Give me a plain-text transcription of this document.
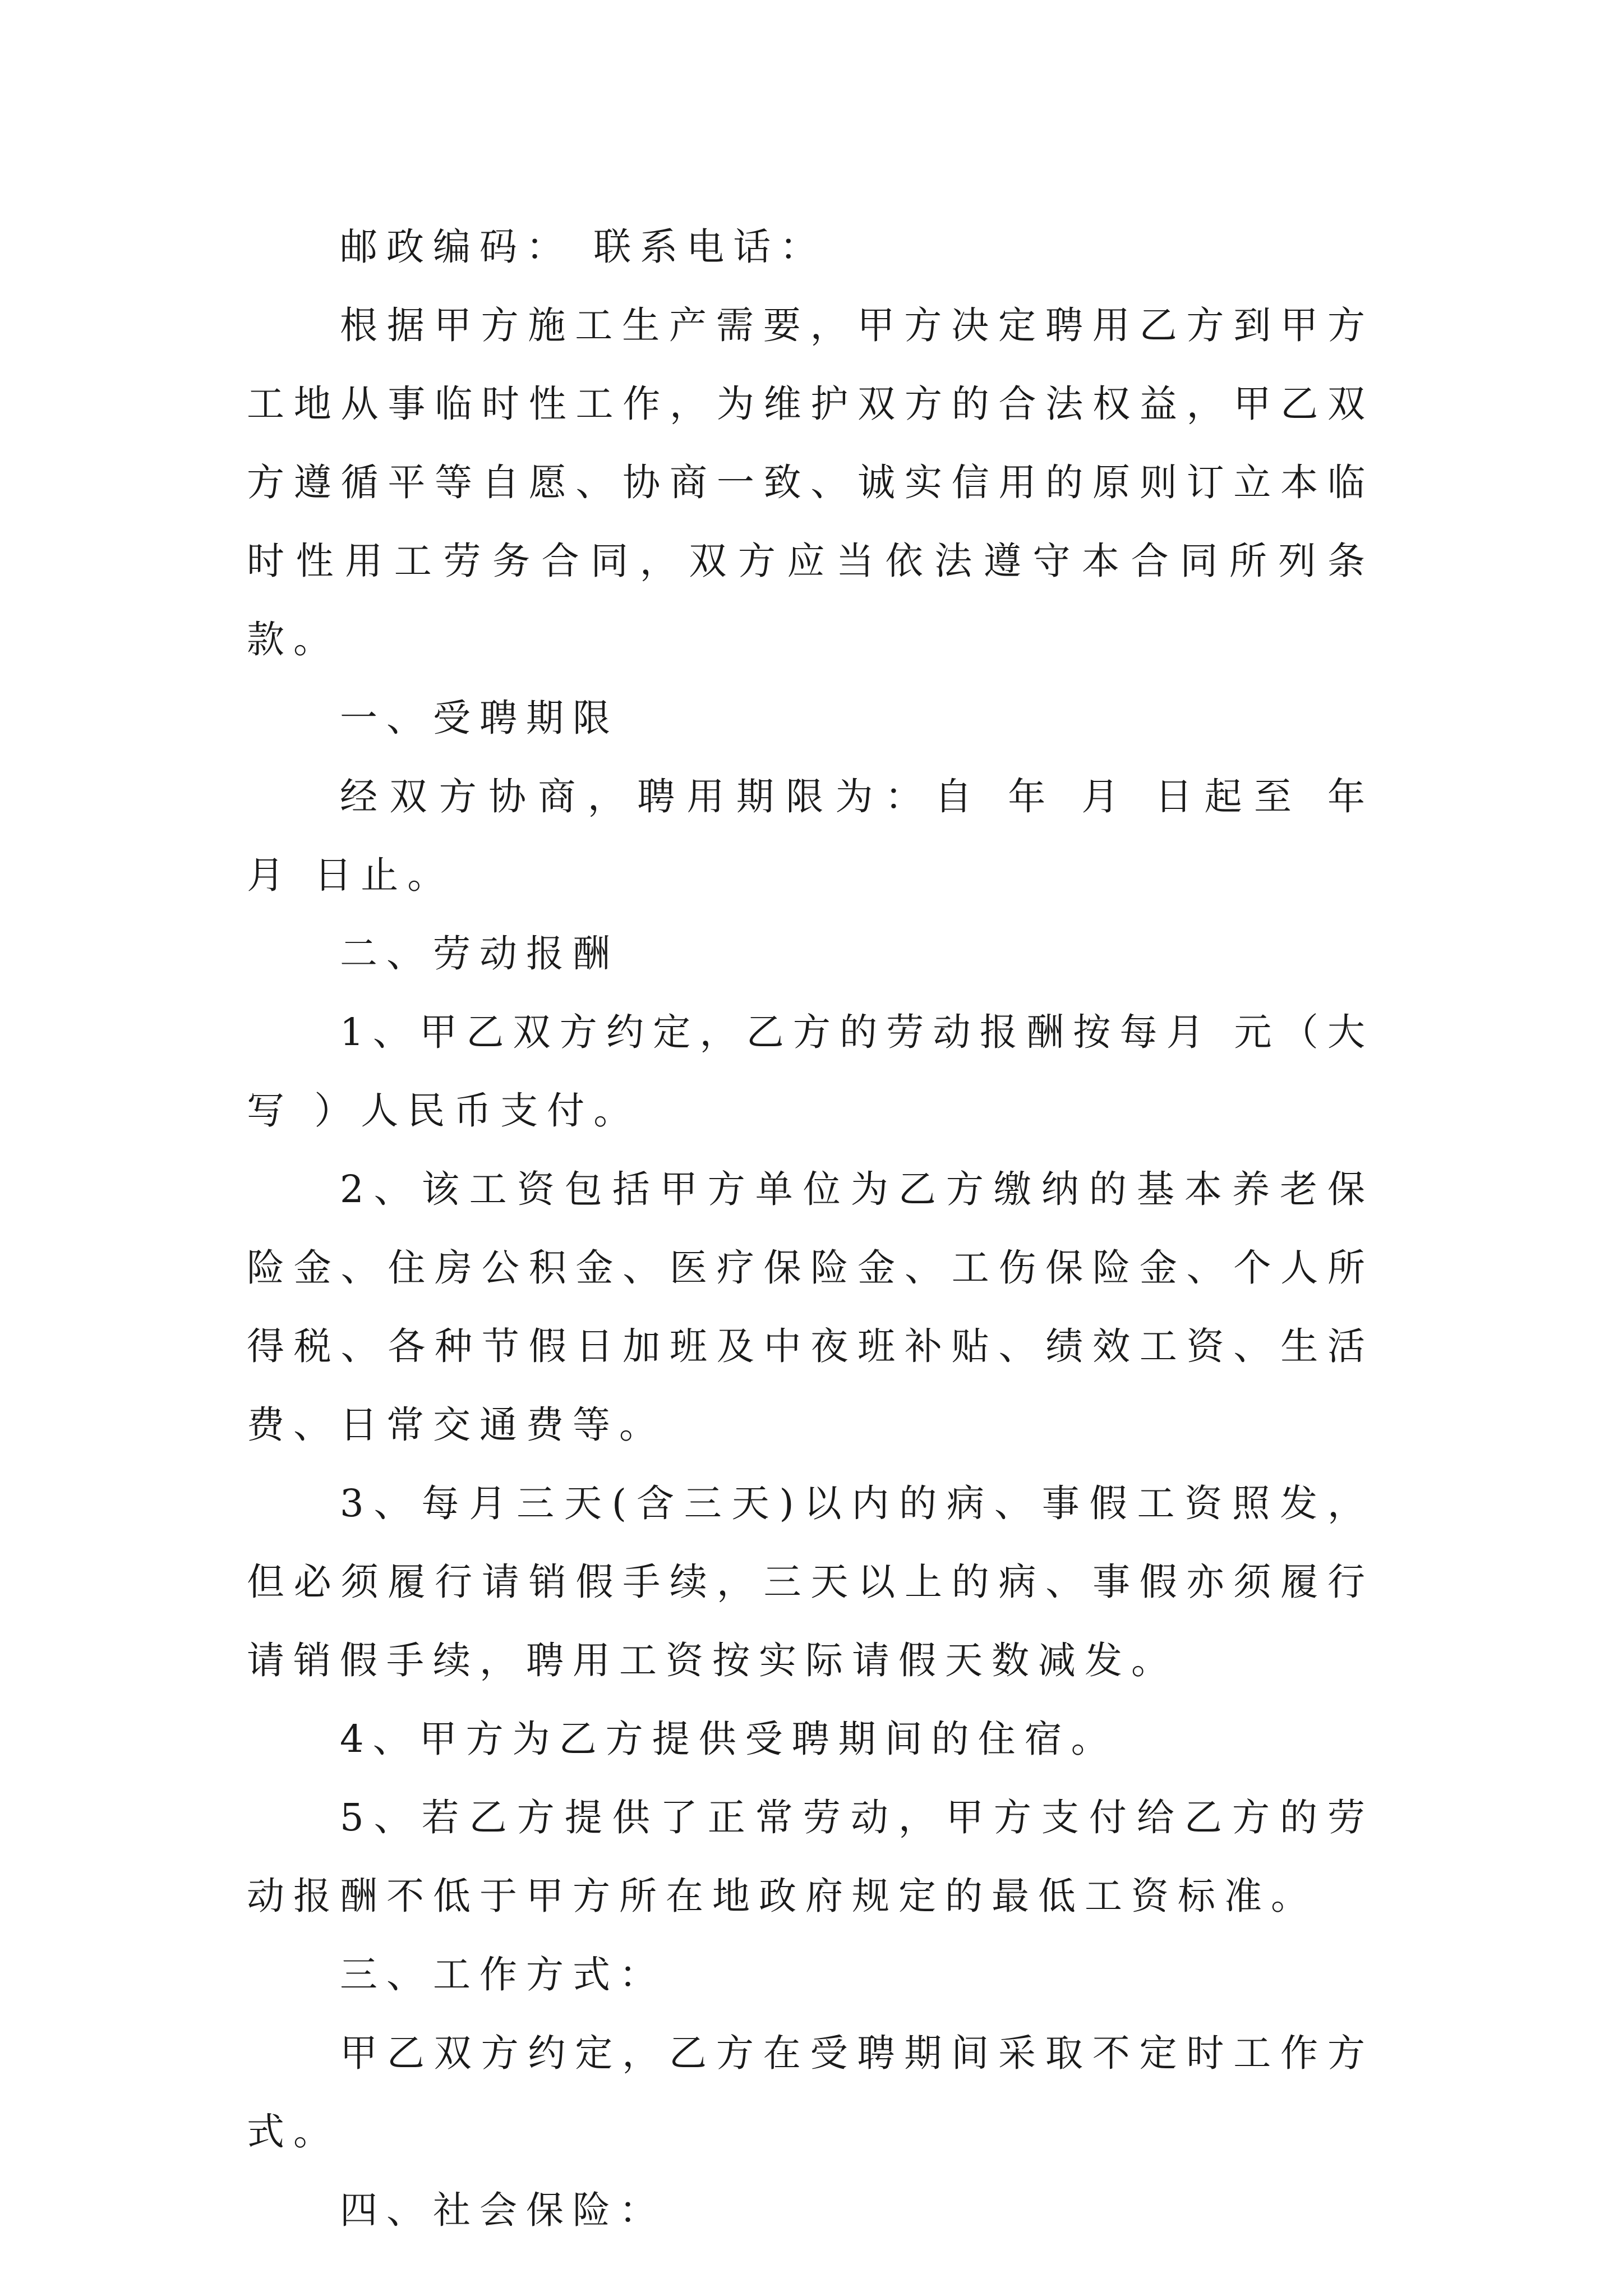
邮政编码： 联系电话：

根据甲方施工生产需要，甲方决定聘用乙方到甲方工地从事临时性工作，为维护双方的合法权益，甲乙双方遵循平等自愿、协商一致、诚实信用的原则订立本临时性用工劳务合同，双方应当依法遵守本合同所列条款。

一、受聘期限

经双方协商，聘用期限为：自 年 月 日起至 年 月 日止。

二、劳动报酬

1、甲乙双方约定，乙方的劳动报酬按每月 元（大写 ）人民币支付。

2、该工资包括甲方单位为乙方缴纳的基本养老保险金、住房公积金、医疗保险金、工伤保险金、个人所得税、各种节假日加班及中夜班补贴、绩效工资、生活费、日常交通费等。

3、每月三天(含三天)以内的病、事假工资照发，但必须履行请销假手续，三天以上的病、事假亦须履行请销假手续，聘用工资按实际请假天数减发。

4、甲方为乙方提供受聘期间的住宿。

5、若乙方提供了正常劳动，甲方支付给乙方的劳动报酬不低于甲方所在地政府规定的最低工资标准。

三、工作方式：

甲乙双方约定，乙方在受聘期间采取不定时工作方式。

四、社会保险：
